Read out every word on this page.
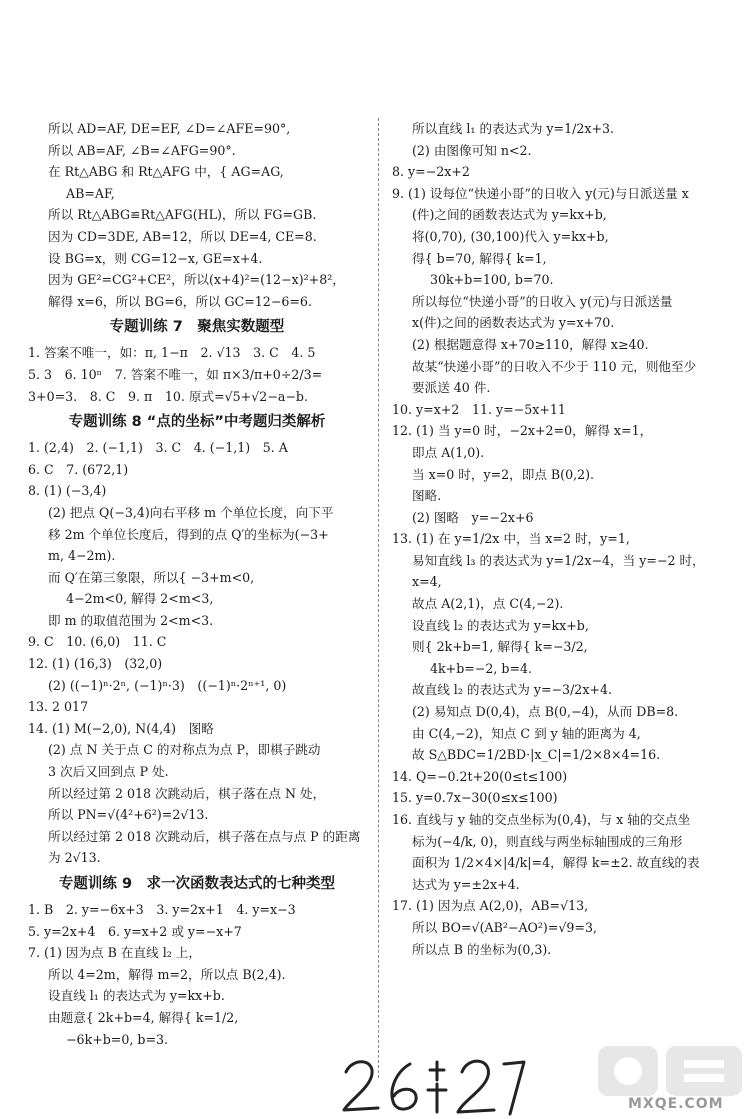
所以 AD=AF, DE=EF, ∠D=∠AFE=90°,
所以 AB=AF, ∠B=∠AFG=90°.
在 Rt△ABG 和 Rt△AFG 中，{ AG=AG,
AB=AF,
所以 Rt△ABG≌Rt△AFG(HL)，所以 FG=GB.
因为 CD=3DE, AB=12，所以 DE=4, CE=8.
设 BG=x，则 CG=12−x, GE=x+4.
因为 GE²=CG²+CE²，所以(x+4)²=(12−x)²+8²，
解得 x=6，所以 BG=6，所以 GC=12−6=6.
专题训练 7　聚焦实数题型
1. 答案不唯一，如：π, 1−π　2. √13　3. C　4. 5
5. 3　6. 10ⁿ　7. 答案不唯一，如 π×3/π+0÷2/3=
3+0=3.　8. C　9. π　10. 原式=√5+√2−a−b.
专题训练 8 “点的坐标”中考题归类解析
1. (2,4)　2. (−1,1)　3. C　4. (−1,1)　5. A
6. C　7. (672,1)
8. (1) (−3,4)
(2) 把点 Q(−3,4)向右平移 m 个单位长度，向下平
移 2m 个单位长度后，得到的点 Q′的坐标为(−3+
m, 4−2m).
而 Q′在第三象限，所以{ −3+m<0,
4−2m<0, 解得 2<m<3,
即 m 的取值范围为 2<m<3.
9. C　10. (6,0)　11. C
12. (1) (16,3)　(32,0)
(2) ((−1)ⁿ·2ⁿ, (−1)ⁿ·3)　((−1)ⁿ·2ⁿ⁺¹, 0)
13. 2 017
14. (1) M(−2,0), N(4,4)　图略
(2) 点 N 关于点 C 的对称点为点 P，即棋子跳动
3 次后又回到点 P 处.
所以经过第 2 018 次跳动后，棋子落在点 N 处，
所以 PN=√(4²+6²)=2√13.
所以经过第 2 018 次跳动后，棋子落在点与点 P 的距离
为 2√13.
专题训练 9　求一次函数表达式的七种类型
1. B　2. y=−6x+3　3. y=2x+1　4. y=x−3
5. y=2x+4　6. y=x+2 或 y=−x+7
7. (1) 因为点 B 在直线 l₂ 上，
所以 4=2m，解得 m=2，所以点 B(2,4).
设直线 l₁ 的表达式为 y=kx+b.
由题意{ 2k+b=4, 解得{ k=1/2,
−6k+b=0, b=3.
所以直线 l₁ 的表达式为 y=1/2x+3.
(2) 由图像可知 n<2.
8. y=−2x+2
9. (1) 设每位“快递小哥”的日收入 y(元)与日派送量 x
(件)之间的函数表达式为 y=kx+b,
将(0,70), (30,100)代入 y=kx+b,
得{ b=70, 解得{ k=1,
30k+b=100, b=70.
所以每位“快递小哥”的日收入 y(元)与日派送量
x(件)之间的函数表达式为 y=x+70.
(2) 根据题意得 x+70≥110，解得 x≥40.
故某“快递小哥”的日收入不少于 110 元，则他至少
要派送 40 件.
10. y=x+2　11. y=−5x+11
12. (1) 当 y=0 时，−2x+2=0，解得 x=1，
即点 A(1,0).
当 x=0 时，y=2，即点 B(0,2).
图略.
(2) 图略　y=−2x+6
13. (1) 在 y=1/2x 中，当 x=2 时，y=1,
易知直线 l₃ 的表达式为 y=1/2x−4，当 y=−2 时，
x=4,
故点 A(2,1)，点 C(4,−2).
设直线 l₂ 的表达式为 y=kx+b,
则{ 2k+b=1, 解得{ k=−3/2,
4k+b=−2, b=4.
故直线 l₂ 的表达式为 y=−3/2x+4.
(2) 易知点 D(0,4)，点 B(0,−4)，从而 DB=8.
由 C(4,−2)，知点 C 到 y 轴的距离为 4,
故 S△BDC=1/2BD·|x_C|=1/2×8×4=16.
14. Q=−0.2t+20(0≤t≤100)
15. y=0.7x−30(0≤x≤100)
16. 直线与 y 轴的交点坐标为(0,4)，与 x 轴的交点坐
标为(−4/k, 0)，则直线与两坐标轴围成的三角形
面积为 1/2×4×|4/k|=4，解得 k=±2. 故直线的表
达式为 y=±2x+4.
17. (1) 因为点 A(2,0)，AB=√13,
所以 BO=√(AB²−AO²)=√9=3,
所以点 B 的坐标为(0,3).
MXQE.COM
